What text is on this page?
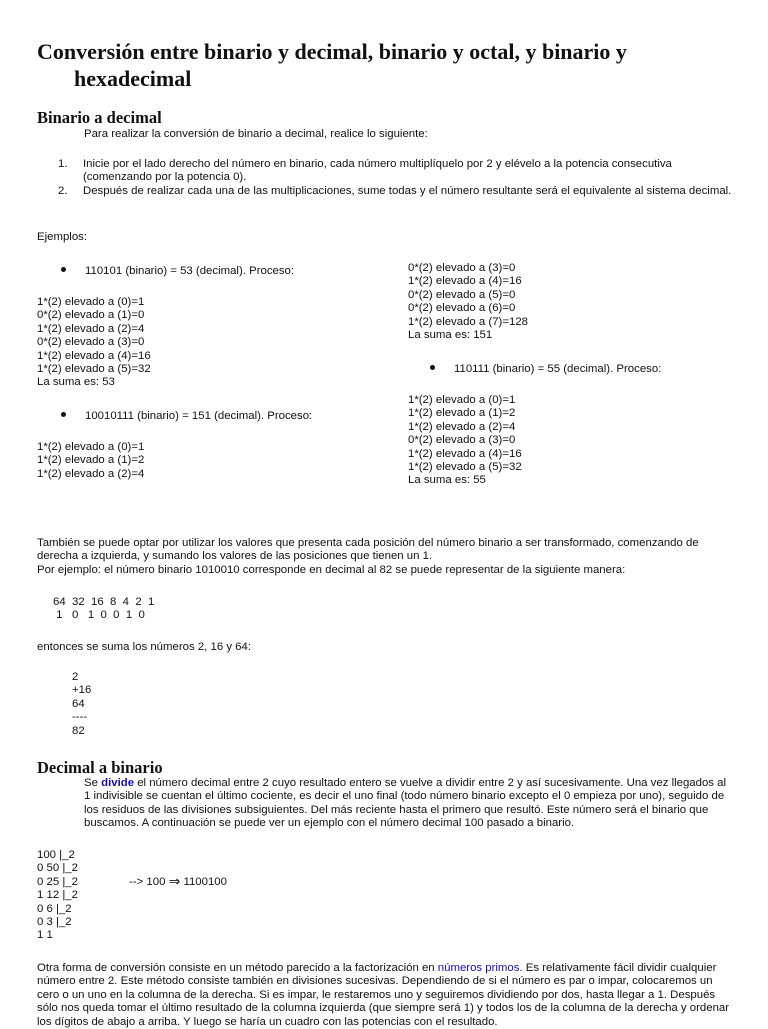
Conversión entre binario y decimal, binario y octal, y binario y
hexadecimal
Binario a decimal
Para realizar la conversión de binario a decimal, realice lo siguiente:
1. Inicie por el lado derecho del número en binario, cada número multiplíquelo por 2 y elévelo a la potencia consecutiva (comenzando por la potencia 0).
2. Después de realizar cada una de las multiplicaciones, sume todas y el número resultante será el equivalente al sistema decimal.
Ejemplos:
110101 (binario) = 53 (decimal). Proceso:
1*(2) elevado a (0)=1
0*(2) elevado a (1)=0
1*(2) elevado a (2)=4
0*(2) elevado a (3)=0
1*(2) elevado a (4)=16
1*(2) elevado a (5)=32
La suma es: 53
10010111 (binario) = 151 (decimal). Proceso:
1*(2) elevado a (0)=1
1*(2) elevado a (1)=2
1*(2) elevado a (2)=4
0*(2) elevado a (3)=0
1*(2) elevado a (4)=16
0*(2) elevado a (5)=0
0*(2) elevado a (6)=0
1*(2) elevado a (7)=128
La suma es: 151
110111 (binario) = 55 (decimal). Proceso:
1*(2) elevado a (0)=1
1*(2) elevado a (1)=2
1*(2) elevado a (2)=4
0*(2) elevado a (3)=0
1*(2) elevado a (4)=16
1*(2) elevado a (5)=32
La suma es: 55
También se puede optar por utilizar los valores que presenta cada posición del número binario a ser transformado, comenzando de derecha a izquierda, y sumando los valores de las posiciones que tienen un 1.
Por ejemplo: el número binario 1010010 corresponde en decimal al 82 se puede representar de la siguiente manera:
64  32  16  8  4  2  1
1   0   1  0  0  1  0
entonces se suma los números 2, 16 y 64:
2
+16
64
----
82
Decimal a binario
Se divide el número decimal entre 2 cuyo resultado entero se vuelve a dividir entre 2 y así sucesivamente. Una vez llegados al 1 indivisible se cuentan el último cociente, es decir el uno final (todo número binario excepto el 0 empieza por uno), seguido de los residuos de las divisiones subsiguientes. Del más reciente hasta el primero que resultó. Este número será el binario que buscamos. A continuación se puede ver un ejemplo con el número decimal 100 pasado a binario.
100 |_2
0 50 |_2
0 25 |_2
1 12 |_2
0 6 |_2
0 3 |_2
1 1
--> 100 ⇒ 1100100
Otra forma de conversión consiste en un método parecido a la factorización en números primos. Es relativamente fácil dividir cualquier número entre 2. Este método consiste también en divisiones sucesivas. Dependiendo de si el número es par o impar, colocaremos un cero o un uno en la columna de la derecha. Si es impar, le restaremos uno y seguiremos dividiendo por dos, hasta llegar a 1. Después sólo nos queda tomar el último resultado de la columna izquierda (que siempre será 1) y todos los de la columna de la derecha y ordenar los dígitos de abajo a arriba. Y luego se haría un cuadro con las potencias con el resultado.
